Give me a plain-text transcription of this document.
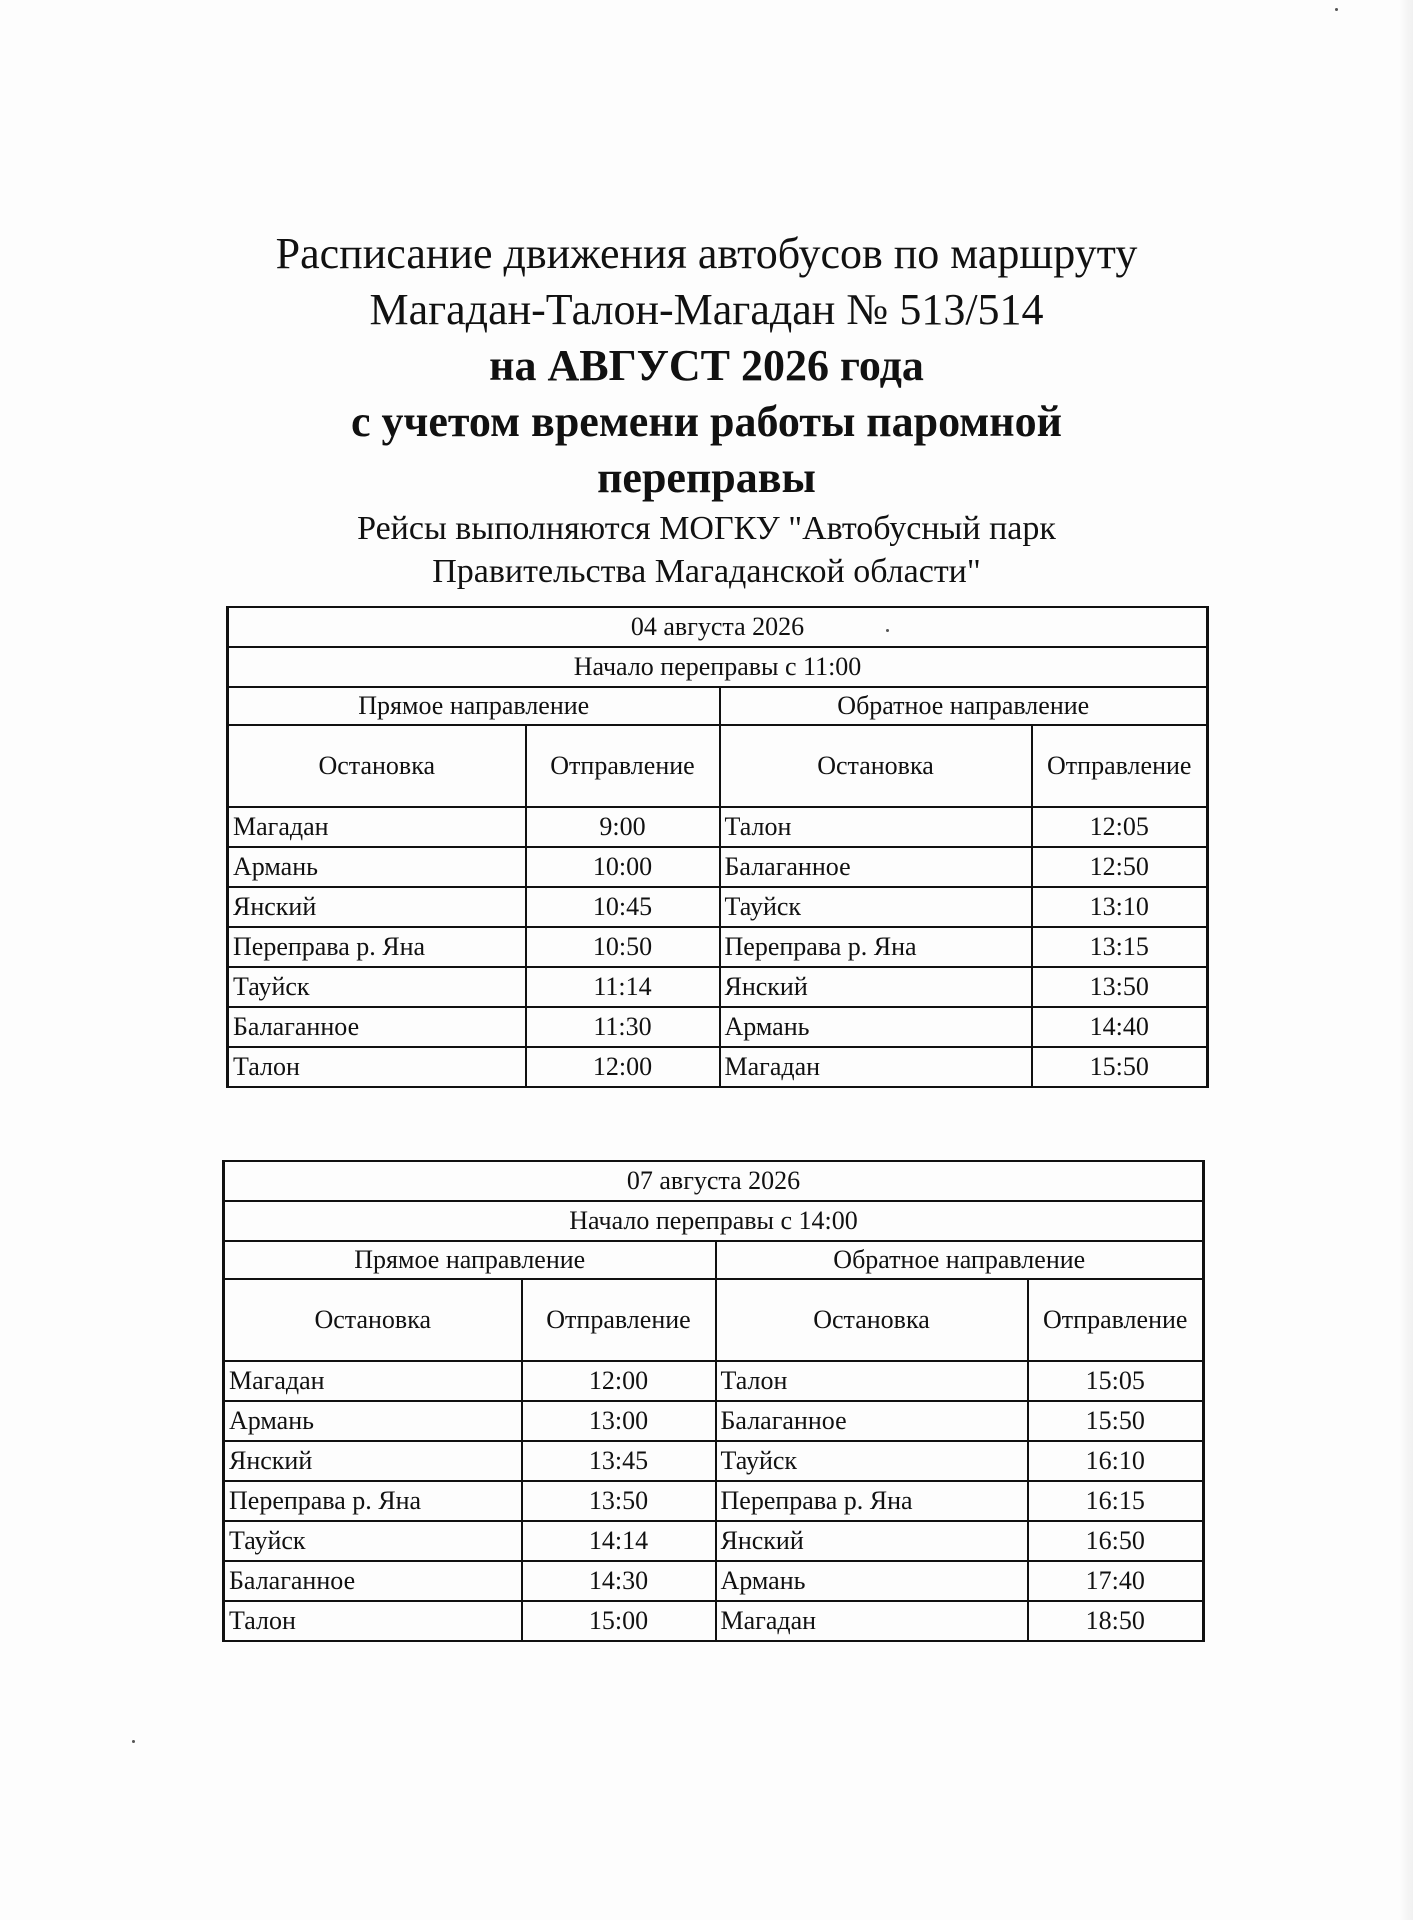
Расписание движения автобусов по маршруту
Магадан-Талон-Магадан № 513/514
на АВГУСТ 2026 года
с учетом времени работы паромной
переправы
Рейсы выполняются МОГКУ "Автобусный парк
Правительства Магаданской области"
04 августа 2026			
Начало переправы с 11:00			
Прямое направление		Обратное направление	
Остановка	Отправление	Остановка	Отправление
Магадан	9:00	Талон	12:05
Армань	10:00	Балаганное	12:50
Янский	10:45	Тауйск	13:10
Переправа р. Яна	10:50	Переправа р. Яна	13:15
Тауйск	11:14	Янский	13:50
Балаганное	11:30	Армань	14:40
Талон	12:00	Магадан	15:50
07 августа 2026			
Начало переправы с 14:00			
Прямое направление		Обратное направление	
Остановка	Отправление	Остановка	Отправление
Магадан	12:00	Талон	15:05
Армань	13:00	Балаганное	15:50
Янский	13:45	Тауйск	16:10
Переправа р. Яна	13:50	Переправа р. Яна	16:15
Тауйск	14:14	Янский	16:50
Балаганное	14:30	Армань	17:40
Талон	15:00	Магадан	18:50
